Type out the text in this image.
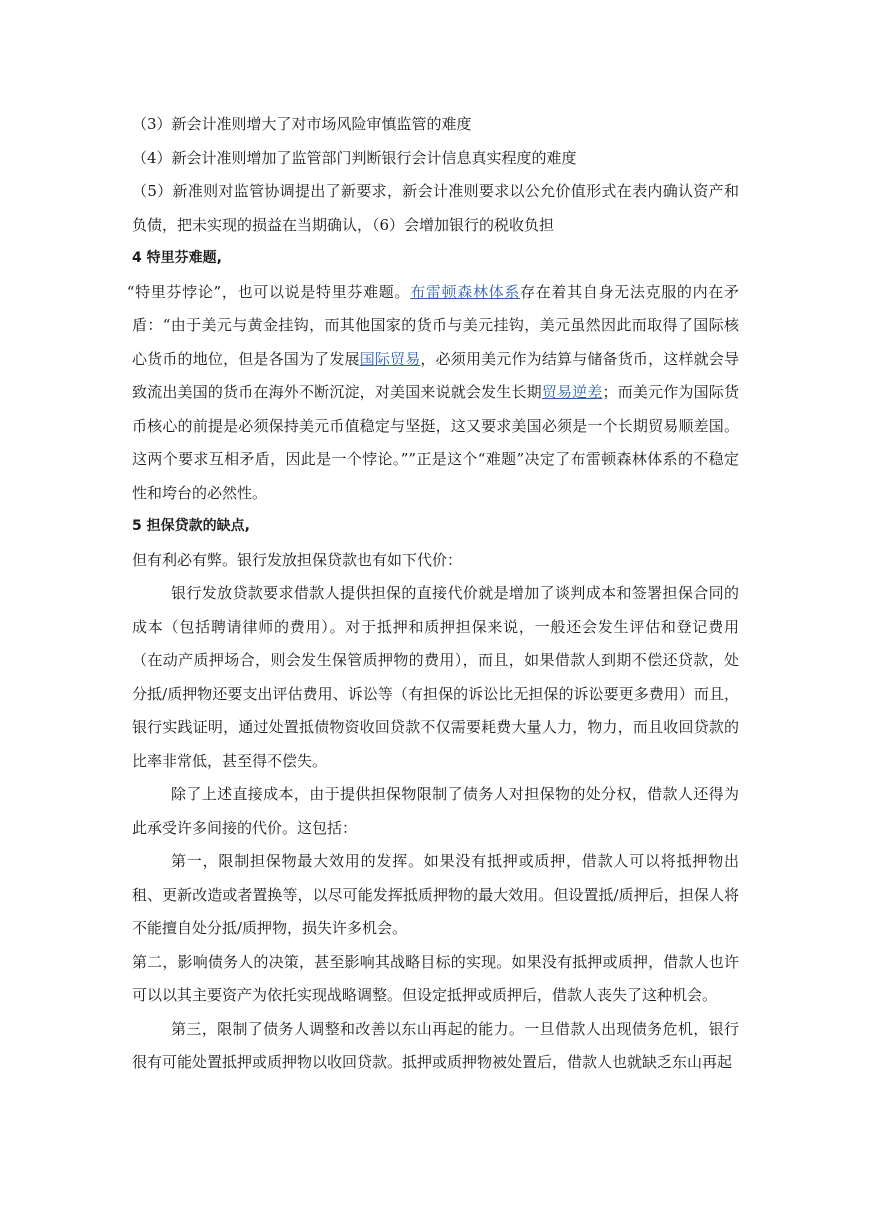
（3）新会计准则增大了对市场风险审慎监管的难度

（4）新会计准则增加了监管部门判断银行会计信息真实程度的难度

（5）新准则对监管协调提出了新要求，新会计准则要求以公允价值形式在表内确认资产和负债，把未实现的损益在当期确认，（6）会增加银行的税收负担

4 特里芬难题,

“特里芬悖论”，也可以说是特里芬难题。布雷顿森林体系存在着其自身无法克服的内在矛盾：“由于美元与黄金挂钩，而其他国家的货币与美元挂钩，美元虽然因此而取得了国际核心货币的地位，但是各国为了发展国际贸易，必须用美元作为结算与储备货币，这样就会导致流出美国的货币在海外不断沉淀，对美国来说就会发生长期贸易逆差；而美元作为国际货币核心的前提是必须保持美元币值稳定与坚挺，这又要求美国必须是一个长期贸易顺差国。这两个要求互相矛盾，因此是一个悖论。””正是这个“难题”决定了布雷顿森林体系的不稳定性和垮台的必然性。

5 担保贷款的缺点,

但有利必有弊。银行发放担保贷款也有如下代价：

银行发放贷款要求借款人提供担保的直接代价就是增加了谈判成本和签署担保合同的成本（包括聘请律师的费用）。对于抵押和质押担保来说，一般还会发生评估和登记费用（在动产质押场合，则会发生保管质押物的费用），而且，如果借款人到期不偿还贷款，处分抵/质押物还要支出评估费用、诉讼等（有担保的诉讼比无担保的诉讼要更多费用）而且，银行实践证明，通过处置抵债物资收回贷款不仅需要耗费大量人力，物力，而且收回贷款的比率非常低，甚至得不偿失。

除了上述直接成本，由于提供担保物限制了债务人对担保物的处分权，借款人还得为此承受许多间接的代价。这包括：

第一，限制担保物最大效用的发挥。如果没有抵押或质押，借款人可以将抵押物出租、更新改造或者置换等，以尽可能发挥抵质押物的最大效用。但设置抵/质押后，担保人将不能擅自处分抵/质押物，损失许多机会。

第二，影响债务人的决策，甚至影响其战略目标的实现。如果没有抵押或质押，借款人也许可以以其主要资产为依托实现战略调整。但设定抵押或质押后，借款人丧失了这种机会。

第三，限制了债务人调整和改善以东山再起的能力。一旦借款人出现债务危机，银行很有可能处置抵押或质押物以收回贷款。抵押或质押物被处置后，借款人也就缺乏东山再起
